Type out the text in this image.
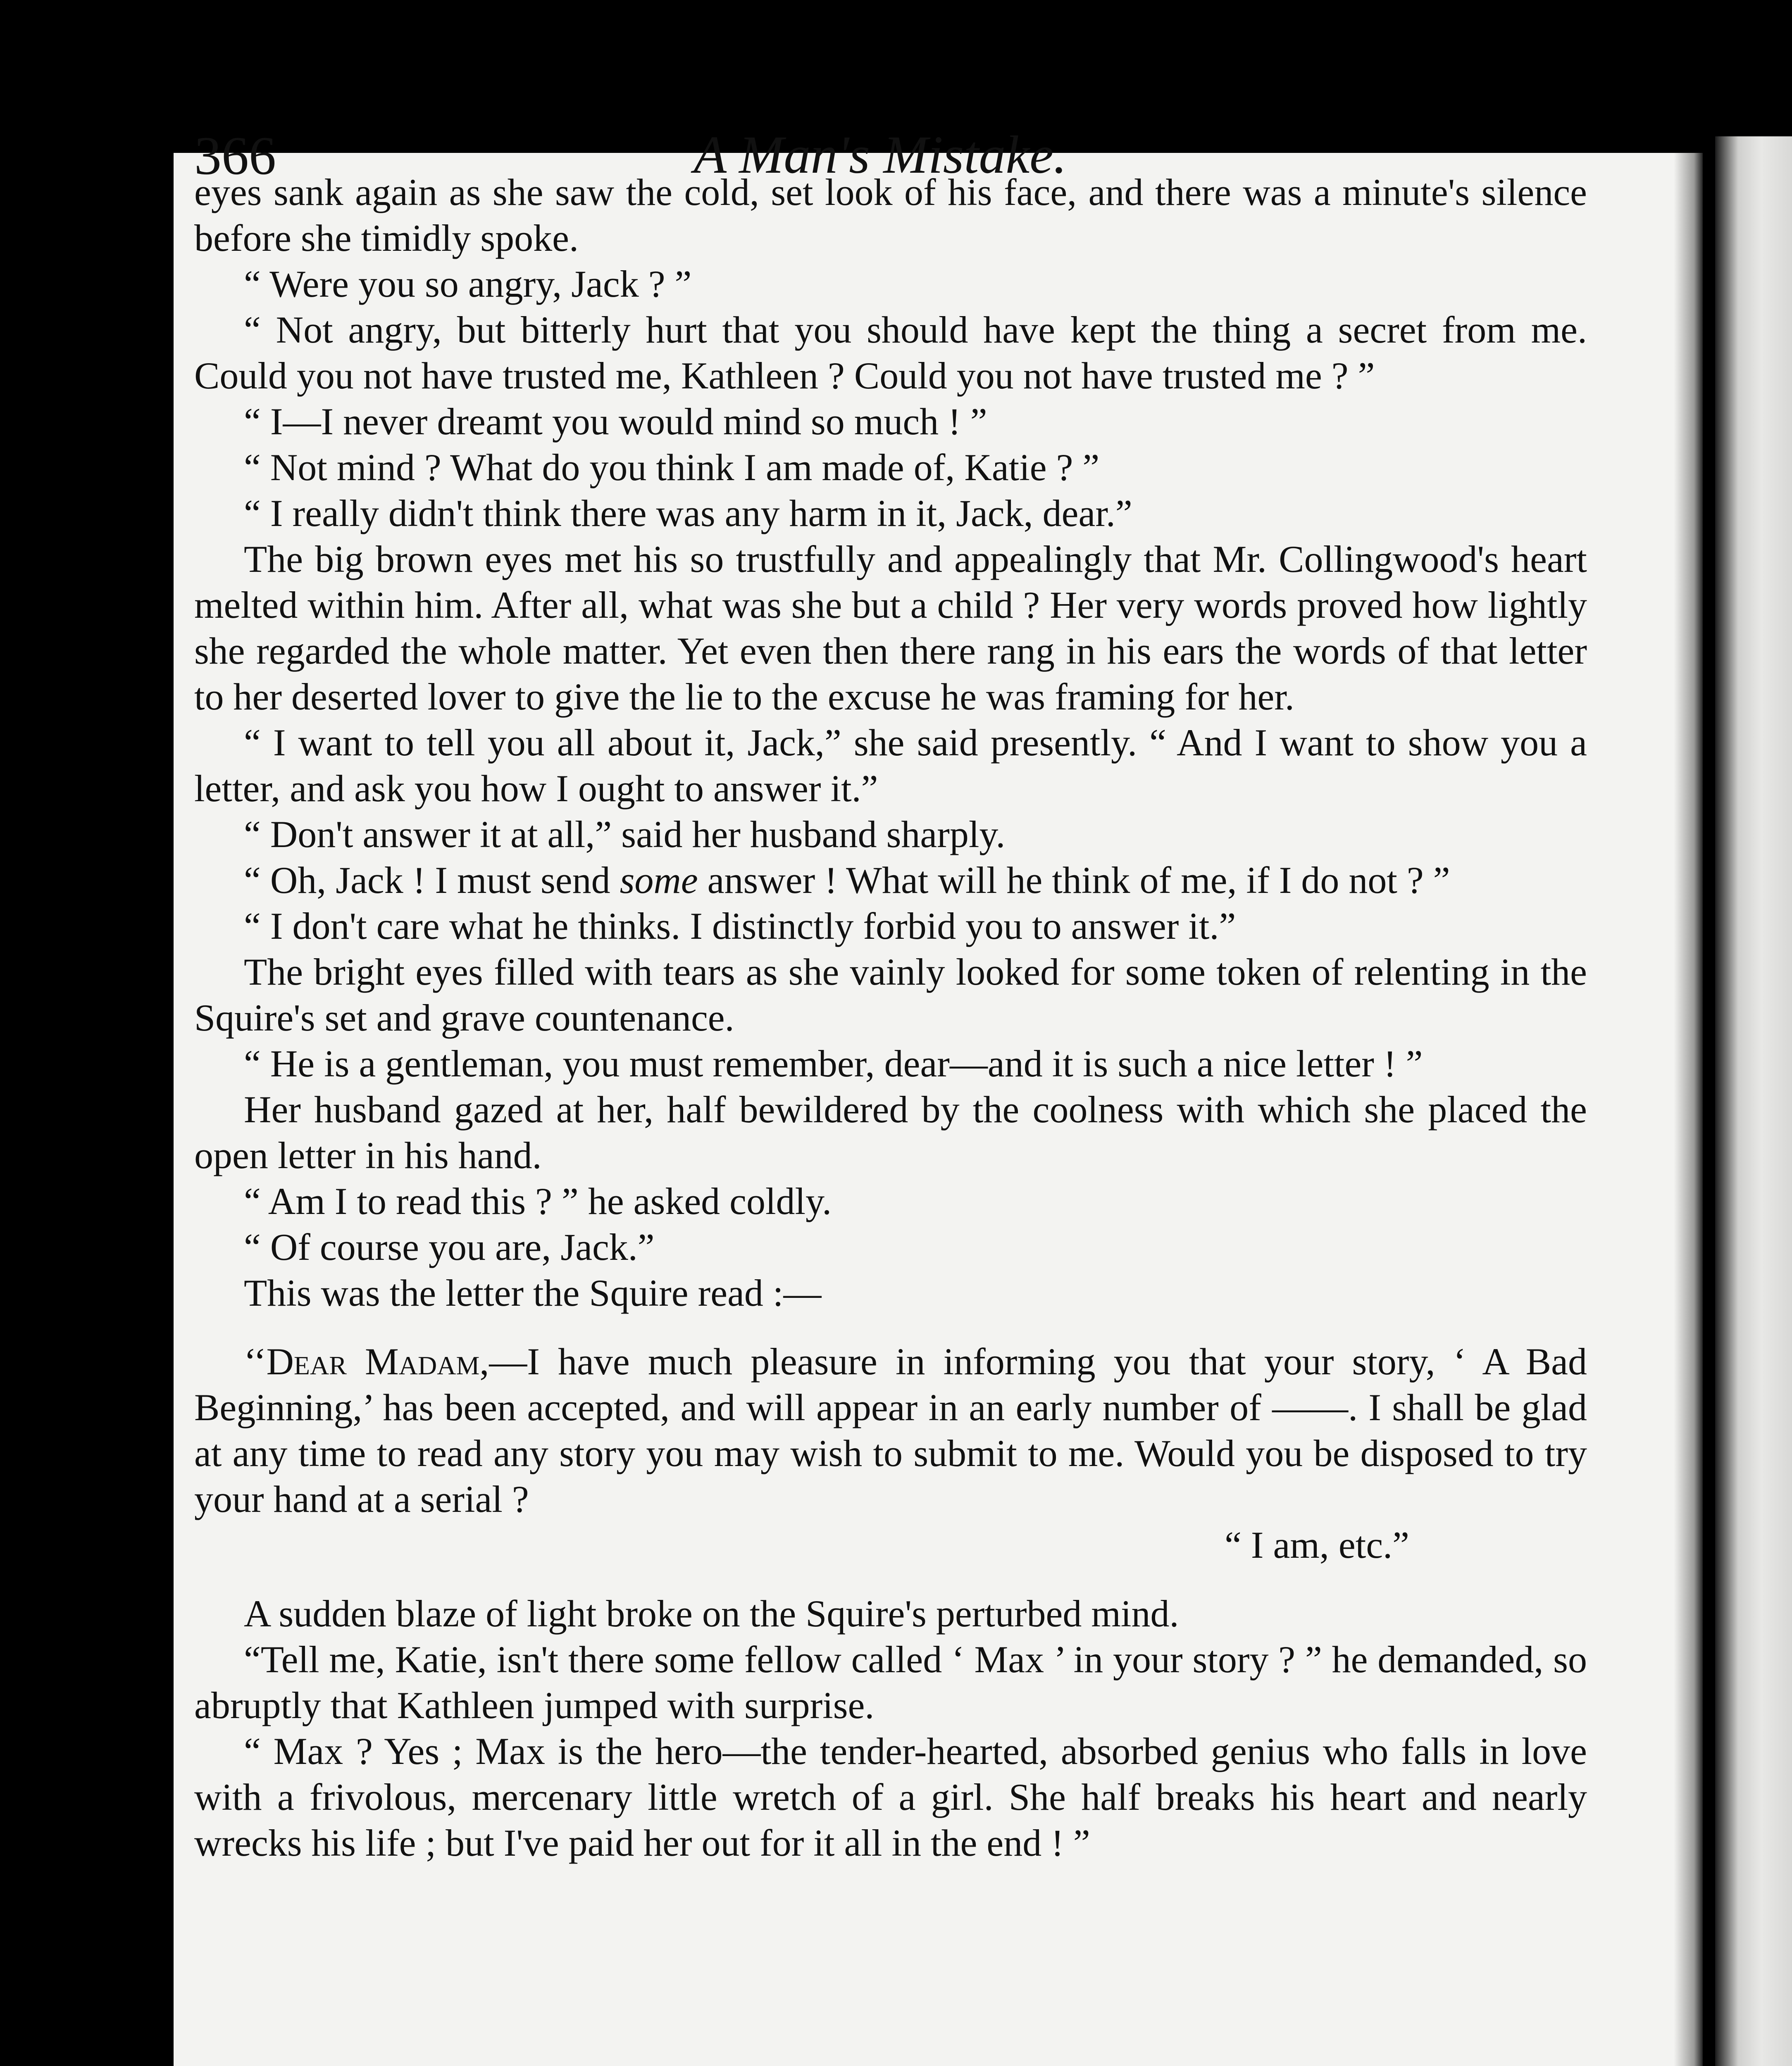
366	A Man's Mistake.

eyes sank again as she saw the cold, set look of his face, and there was a minute's silence before she timidly spoke.

“ Were you so angry, Jack ? ”

“ Not angry, but bitterly hurt that you should have kept the thing a secret from me. Could you not have trusted me, Kathleen ? Could you not have trusted me ? ”

“ I—I never dreamt you would mind so much ! ”

“ Not mind ? What do you think I am made of, Katie ? ”

“ I really didn't think there was any harm in it, Jack, dear.”

The big brown eyes met his so trustfully and appealingly that Mr. Collingwood's heart melted within him. After all, what was she but a child ? Her very words proved how lightly she regarded the whole matter. Yet even then there rang in his ears the words of that letter to her deserted lover to give the lie to the excuse he was framing for her.

“ I want to tell you all about it, Jack,” she said presently. “ And I want to show you a letter, and ask you how I ought to answer it.”

“ Don't answer it at all,” said her husband sharply.

“ Oh, Jack ! I must send some answer ! What will he think of me, if I do not ? ”

“ I don't care what he thinks. I distinctly forbid you to answer it.”

The bright eyes filled with tears as she vainly looked for some token of relenting in the Squire's set and grave countenance.

“ He is a gentleman, you must remember, dear—and it is such a nice letter ! ”

Her husband gazed at her, half bewildered by the coolness with which she placed the open letter in his hand.

“ Am I to read this ? ” he asked coldly.

“ Of course you are, Jack.”

This was the letter the Squire read :—

‘‘Dear Madam,—I have much pleasure in informing you that your story, ‘ A Bad Beginning,’ has been accepted, and will appear in an early number of ——. I shall be glad at any time to read any story you may wish to submit to me. Would you be disposed to try your hand at a serial ?

“ I am, etc.”

A sudden blaze of light broke on the Squire's perturbed mind.

“Tell me, Katie, isn't there some fellow called ‘ Max ’ in your story ? ” he demanded, so abruptly that Kathleen jumped with surprise.

“ Max ? Yes ; Max is the hero—the tender-hearted, absorbed genius who falls in love with a frivolous, mercenary little wretch of a girl. She half breaks his heart and nearly wrecks his life ; but I've paid her out for it all in the end ! ”
